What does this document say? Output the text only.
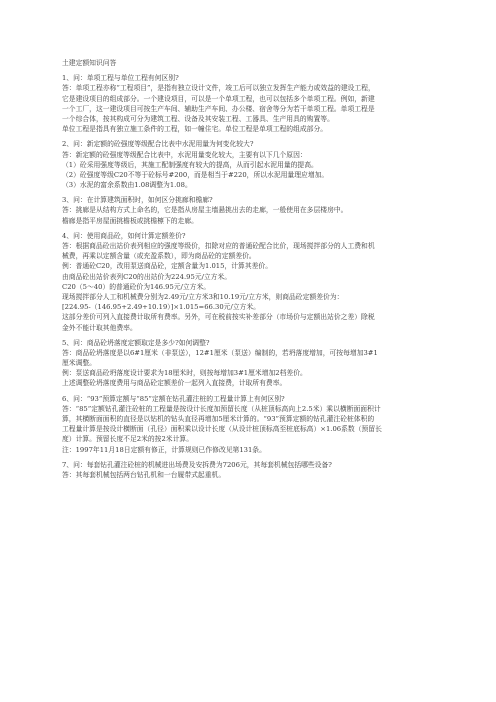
土建定额知识问答
1、问：单项工程与单位工程有何区别?
答：单项工程亦称“工程项目”，是指有独立设计文件，竣工后可以独立发挥生产能力或效益的建设工程，
它是建设项目的组成部分。一个建设项目，可以是一个单项工程，也可以包括多个单项工程。例如，新建
一个工厂，这一建设项目可按生产车间、辅助生产车间、办公楼、宿舍等分为若干单项工程。单项工程是
一个综合体，按其构成可分为建筑工程、设备及其安装工程、工器具、生产用具的购置等。
单位工程是指具有独立施工条件的工程，如一幢住宅。单位工程是单项工程的组成部分。
2、问：新定额的砼强度等级配合比表中水泥用量为何变化较大?
答：新定额的砼强度等级配合比表中，水泥用量变化较大，主要有以下几个原因：
（1）砼采用强度等级后，其施工配制强度有较大的提高，从而引起水泥用量的提高。
（2）砼强度等级C20不等于砼标号#200，而是相当于#220，所以水泥用量理应增加。
（3）水泥的富余系数由1.08调整为1.08。
3、问：在计算建筑面积时，如何区分挑廊和檐廊?
答：挑廊是从结构方式上命名的，它是指从房屋主墙悬挑出去的走廊，一般使用在多层楼房中。
檐廊是指平房屋面挑檐板或挑檐檩下的走廊。
4、问：使用商品砼，如何计算定额差价?
答：根据商品砼出站价表列相应的强度等级价，扣除对应的普通砼配合比价，现场搅拌部分的人工费和机
械费，再乘以定额含量（或充盈系数），即为商品砼的定额差价。
例：普通砼C20，改用泵送商品砼，定额含量为1.015，计算其差价。
由商品砼出站价表列C20的出站价为224.95元/立方米。
C20（5～40）的普通砼价为146.95元/立方米。
现场搅拌部分人工和机械费分别为2.49元/立方米3和10.19元/立方米，则商品砼定额差价为：
[224.95-（146.95+2.49+10.19）]×1.015=66.30元/立方米。
这部分差价可列入直接费计取所有费率。另外，可在税前按实补差部分（市场价与定额出站价之差）除税
金外不能计取其他费率。
5、问：商品砼坍落度定额取定是多少?如何调整?
答：商品砼坍落度是以6#1厘米（非泵送），12#1厘米（泵送）编制的，若坍落度增加，可按每增加3#1
厘米调整。
例：泵送商品砼坍落度设计要求为18厘米时，则按每增加3#1厘米增加2档差价。
上述调整砼坍落度费用与商品砼定额差价一起列入直接费，计取所有费率。
6、问：“93”预算定额与“85”定额在钻孔灌注桩的工程量计算上有何区别?
答：“85”定额钻孔灌注砼桩的工程量是按设计长度加预留长度（从桩顶标高向上2.5米）乘以横断面面积计
算，其横断面面积的直径是以钻机的钻头直径再增加5厘米计算的。“93”预算定额的钻孔灌注砼桩体积的
工程量计算是按设计横断面（孔径）面积乘以设计长度（从设计桩顶标高至桩底标高）×1.06系数（预留长
度）计算。预留长度不足2米的按2米计算。
注：1997年11月18日定额有修正，计算规则已作修改见第131条。
7、问：每套钻孔灌注砼桩的机械进出场费及安拆费为7206元，其每套机械包括哪些设备?
答：其每套机械包括两台钻孔机和一台履带式起重机。
